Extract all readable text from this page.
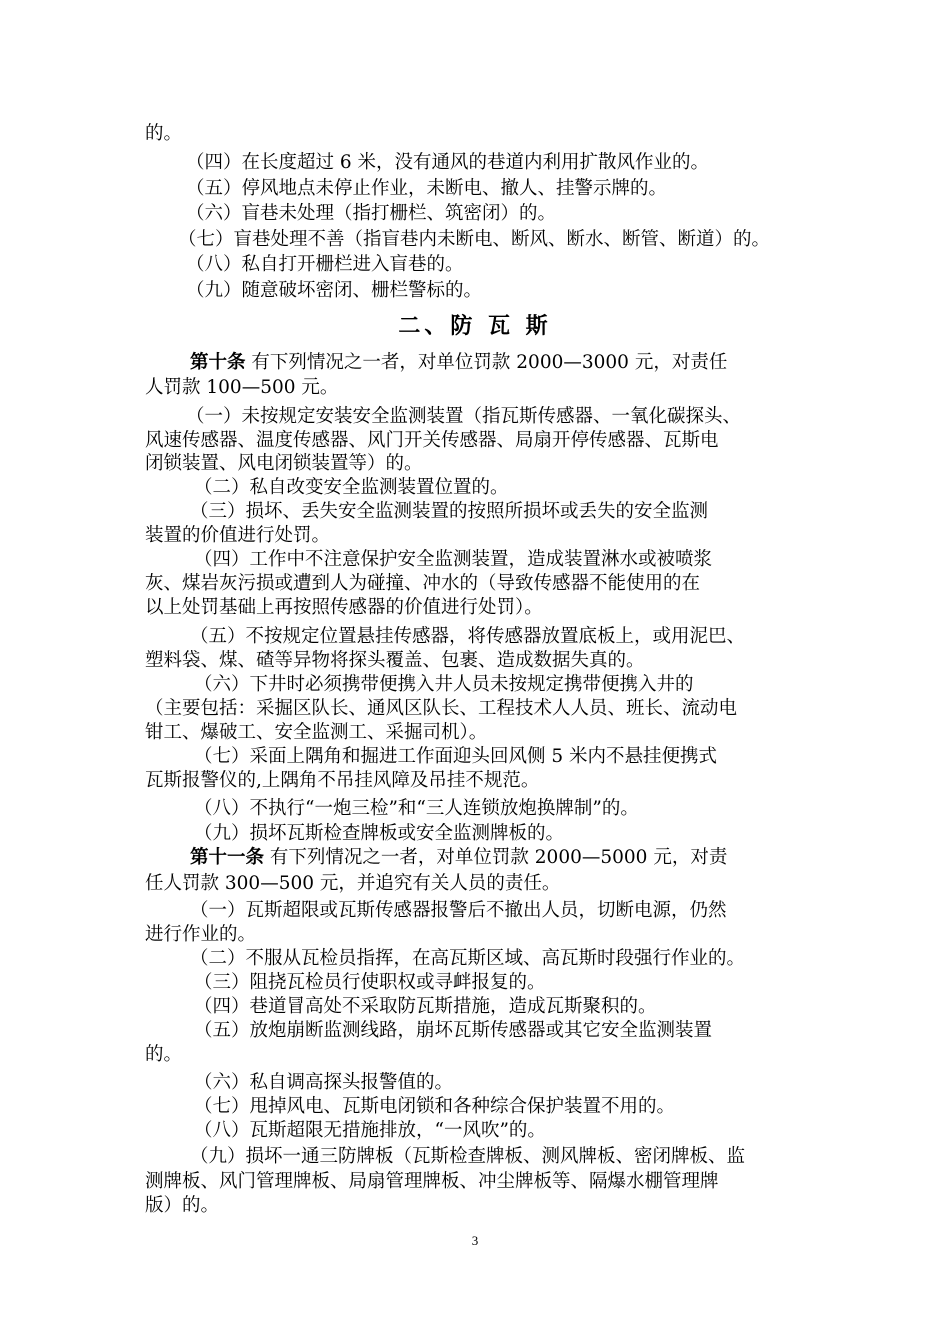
的。

（四）在长度超过 6 米，没有通风的巷道内利用扩散风作业的。

（五）停风地点未停止作业，未断电、撤人、挂警示牌的。

（六）盲巷未处理（指打栅栏、筑密闭）的。

（七）盲巷处理不善（指盲巷内未断电、断风、断水、断管、断道）的。

（八）私自打开栅栏进入盲巷的。

（九）随意破坏密闭、栅栏警标的。

二、防 瓦 斯

第十条 有下列情况之一者，对单位罚款 2000—3000 元，对责任

人罚款 100—500 元。

（一）未按规定安装安全监测装置（指瓦斯传感器、一氧化碳探头、

风速传感器、温度传感器、风门开关传感器、局扇开停传感器、瓦斯电

闭锁装置、风电闭锁装置等）的。

（二）私自改变安全监测装置位置的。

（三）损坏、丢失安全监测装置的按照所损坏或丢失的安全监测

装置的价值进行处罚。

（四）工作中不注意保护安全监测装置，造成装置淋水或被喷浆

灰、煤岩灰污损或遭到人为碰撞、冲水的（导致传感器不能使用的在

以上处罚基础上再按照传感器的价值进行处罚）。

（五）不按规定位置悬挂传感器，将传感器放置底板上，或用泥巴、

塑料袋、煤、碴等异物将探头覆盖、包裹、造成数据失真的。

（六）下井时必须携带便携入井人员未按规定携带便携入井的

（主要包括：采掘区队长、通风区队长、工程技术人人员、班长、流动电

钳工、爆破工、安全监测工、采掘司机）。

（七）采面上隅角和掘进工作面迎头回风侧 5 米内不悬挂便携式

瓦斯报警仪的,上隅角不吊挂风障及吊挂不规范。

（八）不执行“一炮三检”和“三人连锁放炮换牌制”的。

（九）损坏瓦斯检查牌板或安全监测牌板的。

第十一条 有下列情况之一者，对单位罚款 2000—5000 元，对责

任人罚款 300—500 元，并追究有关人员的责任。

（一）瓦斯超限或瓦斯传感器报警后不撤出人员，切断电源，仍然

进行作业的。

（二）不服从瓦检员指挥，在高瓦斯区域、高瓦斯时段强行作业的。

（三）阻挠瓦检员行使职权或寻衅报复的。

（四）巷道冒高处不采取防瓦斯措施，造成瓦斯聚积的。

（五）放炮崩断监测线路，崩坏瓦斯传感器或其它安全监测装置

的。

（六）私自调高探头报警值的。

（七）甩掉风电、瓦斯电闭锁和各种综合保护装置不用的。

（八）瓦斯超限无措施排放，“一风吹”的。

（九）损坏一通三防牌板（瓦斯检查牌板、测风牌板、密闭牌板、监

测牌板、风门管理牌板、局扇管理牌板、冲尘牌板等、隔爆水棚管理牌

版）的。

3
